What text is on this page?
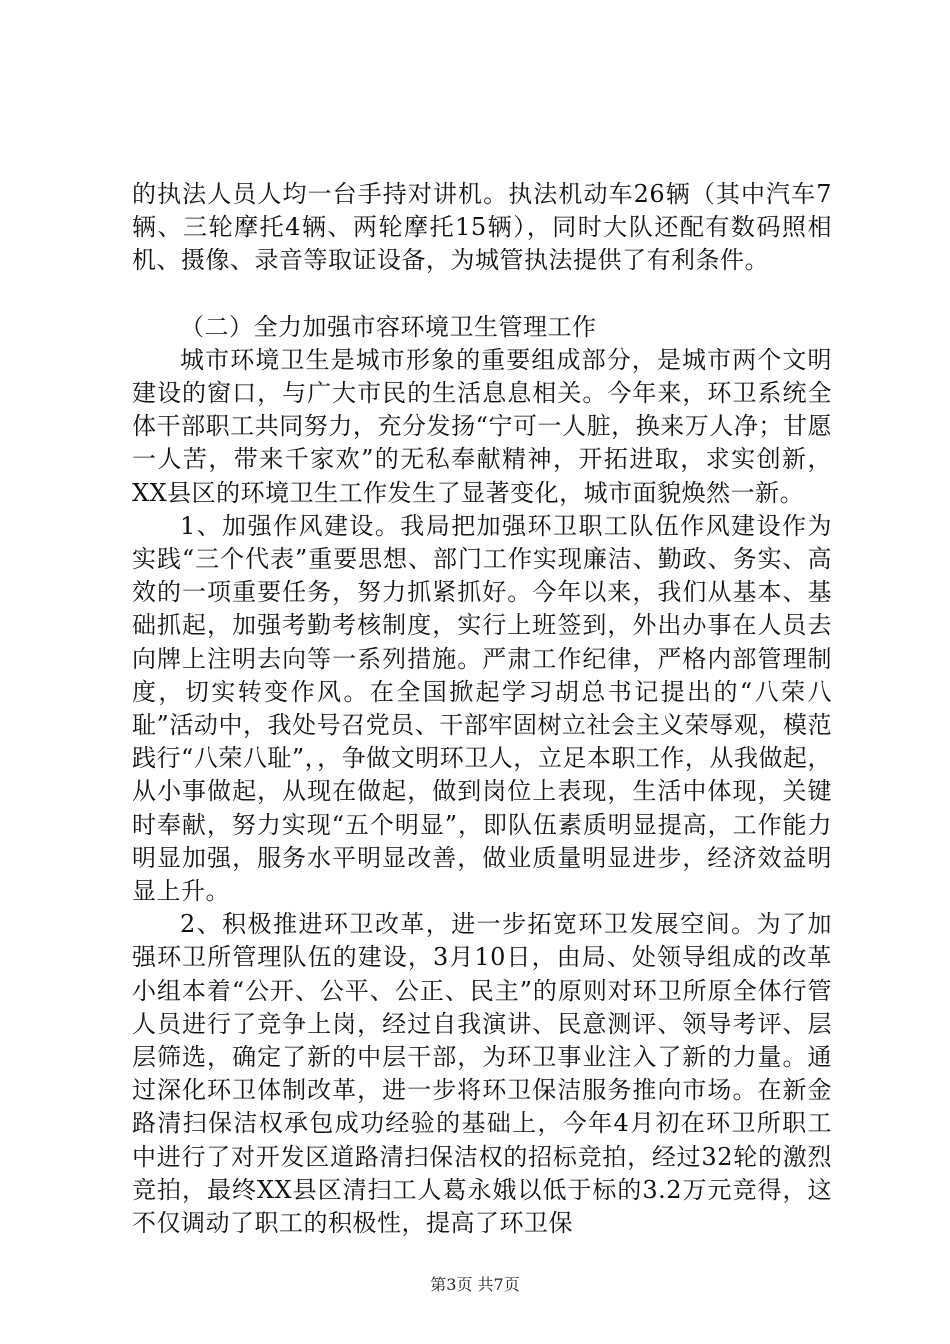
的执法人员人均一台手持对讲机。执法机动车26辆（其中汽车7辆、三轮摩托4辆、两轮摩托15辆），同时大队还配有数码照相机、摄像、录音等取证设备，为城管执法提供了有利条件。

（二）全力加强市容环境卫生管理工作

城市环境卫生是城市形象的重要组成部分，是城市两个文明建设的窗口，与广大市民的生活息息相关。今年来，环卫系统全体干部职工共同努力，充分发扬“宁可一人脏，换来万人净；甘愿一人苦，带来千家欢”的无私奉献精神，开拓进取，求实创新，XX县区的环境卫生工作发生了显著变化，城市面貌焕然一新。

1、加强作风建设。我局把加强环卫职工队伍作风建设作为实践“三个代表”重要思想、部门工作实现廉洁、勤政、务实、高效的一项重要任务，努力抓紧抓好。今年以来，我们从基本、基础抓起，加强考勤考核制度，实行上班签到，外出办事在人员去向牌上注明去向等一系列措施。严肃工作纪律，严格内部管理制度，切实转变作风。在全国掀起学习胡总书记提出的“八荣八耻”活动中，我处号召党员、干部牢固树立社会主义荣辱观，模范践行“八荣八耻”，，争做文明环卫人，立足本职工作，从我做起，从小事做起，从现在做起，做到岗位上表现，生活中体现，关键时奉献，努力实现“五个明显”，即队伍素质明显提高，工作能力明显加强，服务水平明显改善，做业质量明显进步，经济效益明显上升。

2、积极推进环卫改革，进一步拓宽环卫发展空间。为了加强环卫所管理队伍的建设，3月10日，由局、处领导组成的改革小组本着“公开、公平、公正、民主”的原则对环卫所原全体行管人员进行了竞争上岗，经过自我演讲、民意测评、领导考评、层层筛选，确定了新的中层干部，为环卫事业注入了新的力量。通过深化环卫体制改革，进一步将环卫保洁服务推向市场。在新金路清扫保洁权承包成功经验的基础上，今年4月初在环卫所职工中进行了对开发区道路清扫保洁权的招标竞拍，经过32轮的激烈竞拍，最终XX县区清扫工人葛永娥以低于标的3.2万元竞得，这不仅调动了职工的积极性，提高了环卫保

第3页 共7页
